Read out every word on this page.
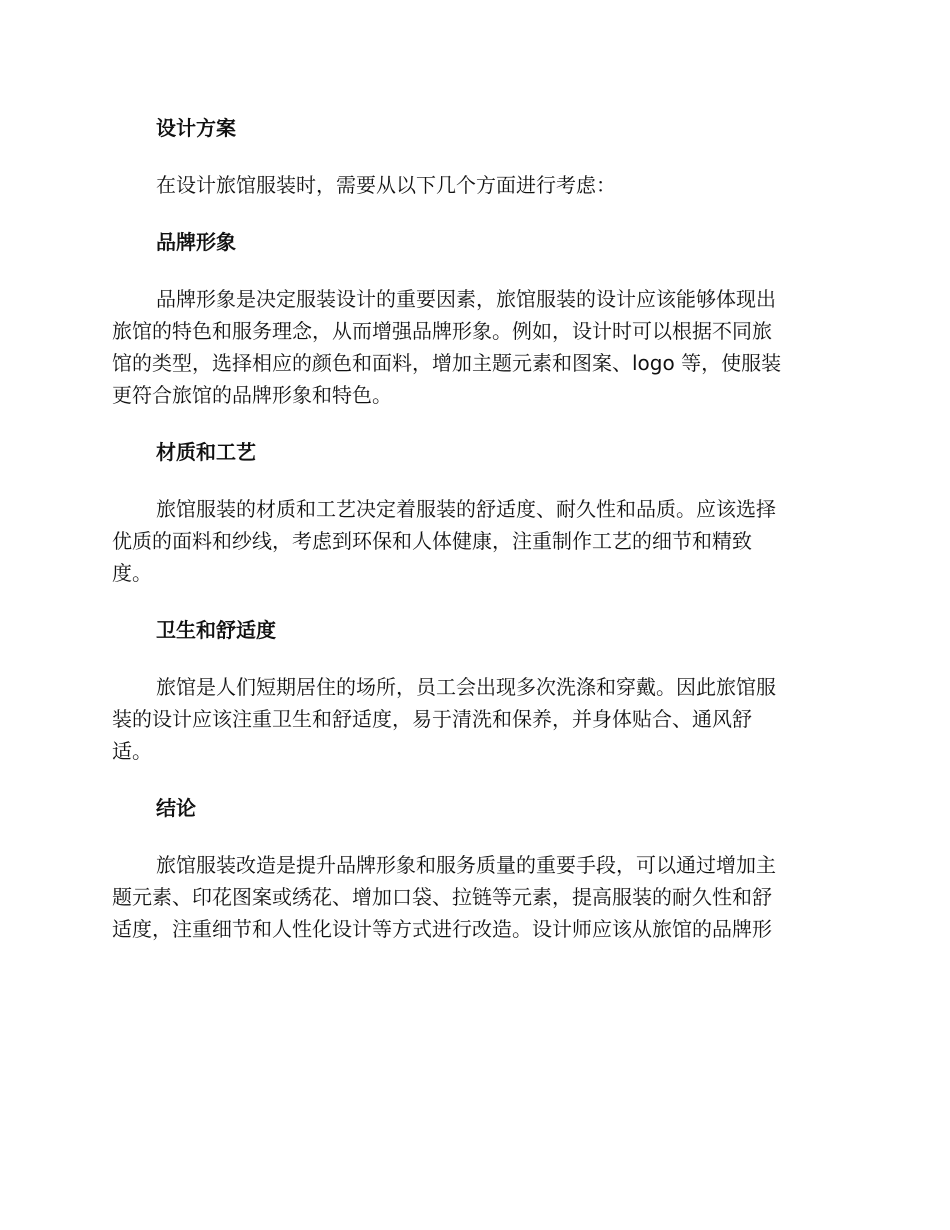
设计方案
在设计旅馆服装时，需要从以下几个方面进行考虑：
品牌形象
品牌形象是决定服装设计的重要因素，旅馆服装的设计应该能够体现出
旅馆的特色和服务理念，从而增强品牌形象。例如，设计时可以根据不同旅
馆的类型，选择相应的颜色和面料，增加主题元素和图案、logo 等，使服装
更符合旅馆的品牌形象和特色。
材质和工艺
旅馆服装的材质和工艺决定着服装的舒适度、耐久性和品质。应该选择
优质的面料和纱线，考虑到环保和人体健康，注重制作工艺的细节和精致
度。
卫生和舒适度
旅馆是人们短期居住的场所，员工会出现多次洗涤和穿戴。因此旅馆服
装的设计应该注重卫生和舒适度，易于清洗和保养，并身体贴合、通风舒
适。
结论
旅馆服装改造是提升品牌形象和服务质量的重要手段，可以通过增加主
题元素、印花图案或绣花、增加口袋、拉链等元素，提高服装的耐久性和舒
适度，注重细节和人性化设计等方式进行改造。设计师应该从旅馆的品牌形
